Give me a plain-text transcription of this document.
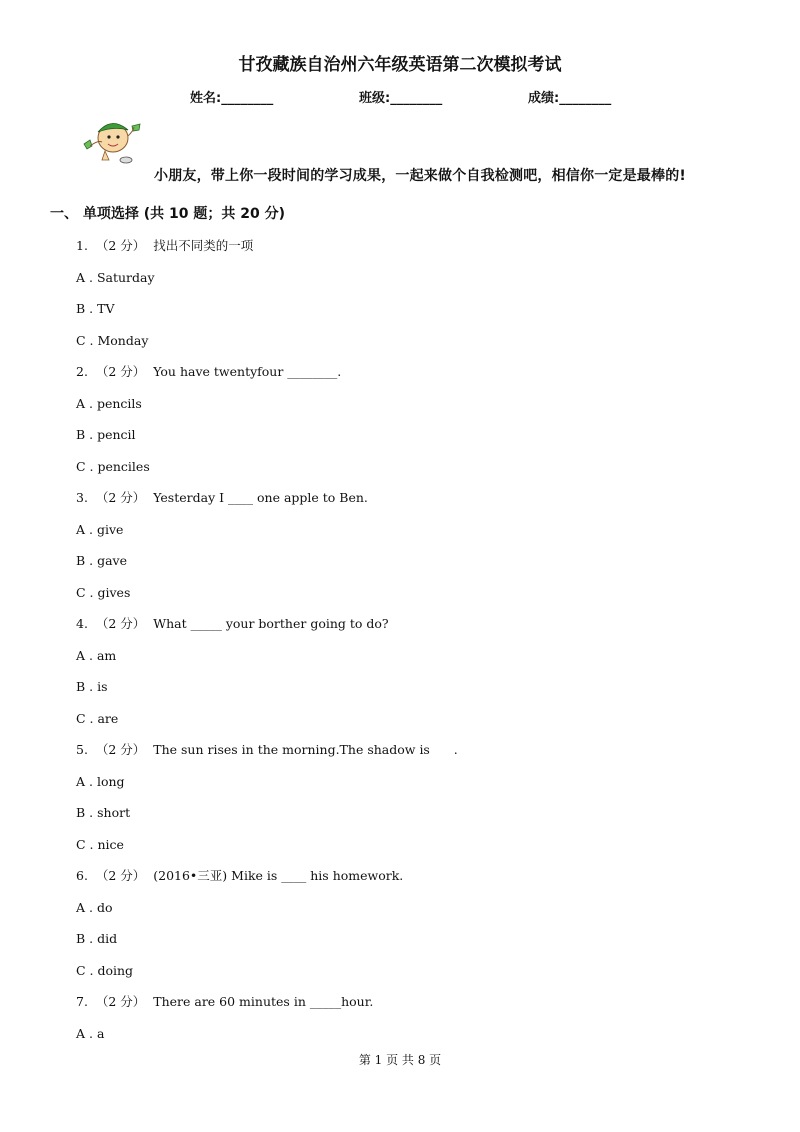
甘孜藏族自治州六年级英语第二次模拟考试
姓名:________	班级:________	成绩:________
小朋友，带上你一段时间的学习成果，一起来做个自我检测吧，相信你一定是最棒的!
一、 单项选择 (共 10 题；共 20 分)
1.  （2 分）  找出不同类的一项
A . Saturday
B . TV
C . Monday
2.  （2 分）  You have twentyfour ________.
A . pencils
B . pencil
C . penciles
3.  （2 分）  Yesterday I ____ one apple to Ben.
A . give
B . gave
C . gives
4.  （2 分）  What _____ your borther going to do?
A . am
B . is
C . are
5.  （2 分）  The sun rises in the morning.The shadow is      .
A . long
B . short
C . nice
6.  （2 分）  (2016•三亚) Mike is ____ his homework.
A . do
B . did
C . doing
7.  （2 分）  There are 60 minutes in _____hour.
A . a
第 1 页 共 8 页
